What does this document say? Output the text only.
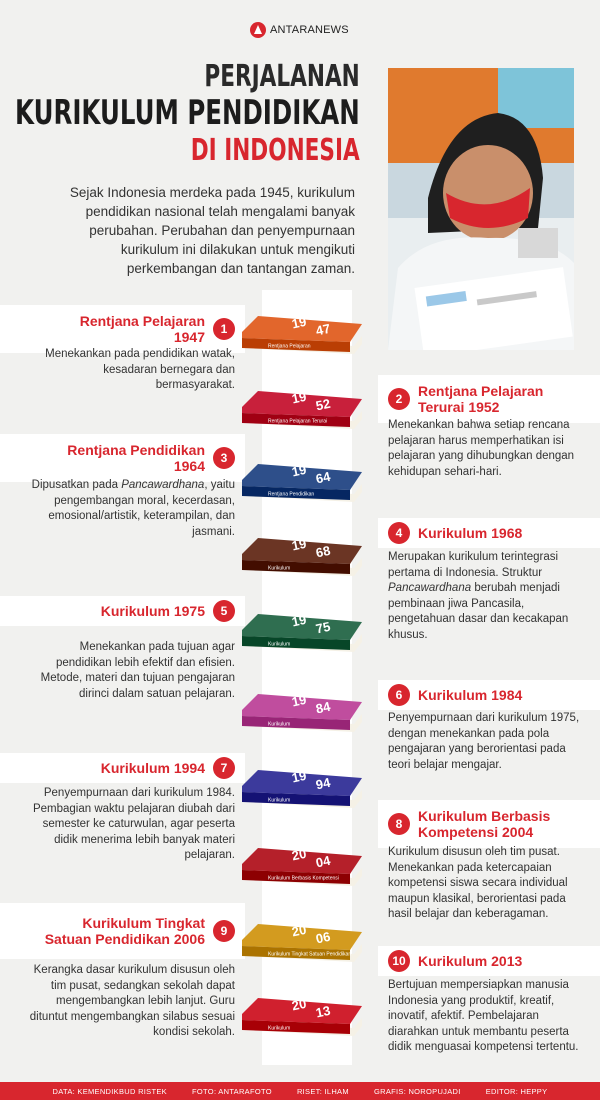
ANTARANEWS
PERJALANAN
KURIKULUM PENDIDIKAN
DI INDONESIA

Sejak Indonesia merdeka pada 1945, kurikulum pendidikan nasional telah mengalami banyak perubahan. Perubahan dan penyempurnaan kurikulum ini dilakukan untuk mengikuti perkembangan dan tantangan zaman.

Rentjana Pelajaran 1947	1

Menekankan pada pendidikan watak, kesadaran bernegara dan bermasyarakat.

19 47
Rentjana Pelajaran
2	Rentjana Pelajaran Terurai 1952

Menekankan bahwa setiap rencana pelajaran harus memperhatikan isi pelajaran yang dihubungkan dengan kehidupan sehari-hari.

19 52
Rentjana Pelajaran Terurai
Rentjana Pendidikan 1964	3

Dipusatkan pada Pancawardhana, yaitu pengembangan moral, kecerdasan, emosional/artistik, keterampilan, dan jasmani.

19 64
Rentjana Pendidikan
4	Kurikulum 1968

Merupakan kurikulum terintegrasi pertama di Indonesia. Struktur Pancawardhana berubah menjadi pembinaan jiwa Pancasila, pengetahuan dasar dan kecakapan khusus.

19 68
Kurikulum
Kurikulum 1975	5

Menekankan pada tujuan agar pendidikan lebih efektif dan efisien. Metode, materi dan tujuan pengajaran dirinci dalam satuan pelajaran.

19 75
Kurikulum
6	Kurikulum 1984

Penyempurnaan dari kurikulum 1975, dengan menekankan pada pola pengajaran yang berorientasi pada teori belajar mengajar.

19 84
Kurikulum
Kurikulum 1994	7

Penyempurnaan dari kurikulum 1984. Pembagian waktu pelajaran diubah dari semester ke caturwulan, agar peserta didik menerima lebih banyak materi pelajaran.

19 94
Kurikulum
8	Kurikulum Berbasis Kompetensi 2004

Kurikulum disusun oleh tim pusat. Menekankan pada ketercapaian kompetensi siswa secara individual maupun klasikal, berorientasi pada hasil belajar dan keberagaman.

20 04
Kurikulum Berbasis Kompetensi
Kurikulum Tingkat Satuan Pendidikan 2006	9

Kerangka dasar kurikulum disusun oleh tim pusat, sedangkan sekolah dapat mengembangkan lebih lanjut. Guru dituntut mengembangkan silabus sesuai kondisi sekolah.

20 06
Kurikulum Tingkat Satuan Pendidikan	10 Kurikulum 2013

Bertujuan mempersiapkan manusia Indonesia yang produktif, kreatif, inovatif, afektif. Pembelajaran diarahkan untuk membantu peserta didik menguasai kompetensi tertentu.

20 13
Kurikulum
DATA: KEMENDIKBUD RISTEK	FOTO: ANTARAFOTO	RISET: ILHAM	GRAFIS: NOROPUJADI	EDITOR: HEPPY
